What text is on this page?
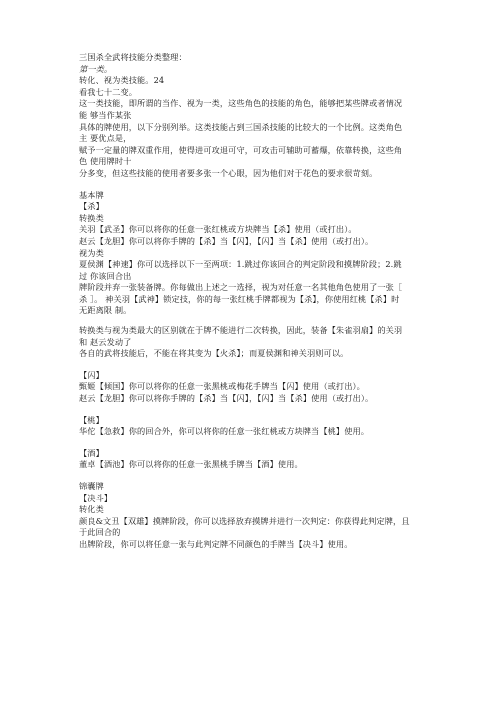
三国杀全武将技能分类整理：
第一类。
转化、视为类技能。24
看我七十二变。
这一类技能，即所谓的当作、视为一类，这些角色的技能的角色，能够把某些牌或者情况
能 够当作某张
具体的牌使用，以下分别列举。这类技能占到三国杀技能的比较大的一个比例。这类角色
主 要优点是，
赋予一定量的牌双重作用，使得进可攻退可守，可攻击可辅助可蓄爆，依靠转换，这些角
色 使用牌时十
分多变，但这些技能的使用者要多张一个心眼，因为他们对于花色的要求很苛刻。
基本牌
【杀】
转换类
关羽【武圣】你可以将你的任意一张红桃或方块牌当【杀】使用（或打出）。
赵云【龙胆】你可以将你手牌的【杀】当【闪】，【闪】当【杀】使用（或打出）。
视为类
夏侯渊【神速】你可以选择以下一至两项：1.跳过你该回合的判定阶段和摸牌阶段；2.跳
过 你该回合出
牌阶段并弃一张装备牌。你每做出上述之一选择，视为对任意一名其他角色使用了一张［
杀 ］。 神关羽【武神】锁定技，你的每一张红桃手牌都视为【杀】，你使用红桃【杀】时
无距离限 制。
转换类与视为类最大的区别就在于牌不能进行二次转换，因此，装备【朱雀羽扇】的关羽
和 赵云发动了
各自的武将技能后，不能在将其变为【火杀】；而夏侯渊和神关羽则可以。
【闪】
甄姬【倾国】你可以将你的任意一张黑桃或梅花手牌当【闪】使用（或打出）。
赵云【龙胆】你可以将你手牌的【杀】当【闪】，【闪】当【杀】使用（或打出）。
【桃】
华佗【急救】你的回合外，你可以将你的任意一张红桃或方块牌当【桃】使用。
【酒】
董卓【酒池】你可以将你的任意一张黑桃手牌当【酒】使用。
锦囊牌
【决斗】
转化类
颜良&文丑【双雄】摸牌阶段，你可以选择放弃摸牌并进行一次判定：你获得此判定牌，且
于此回合的
出牌阶段，你可以将任意一张与此判定牌不同颜色的手牌当【决斗】使用。
